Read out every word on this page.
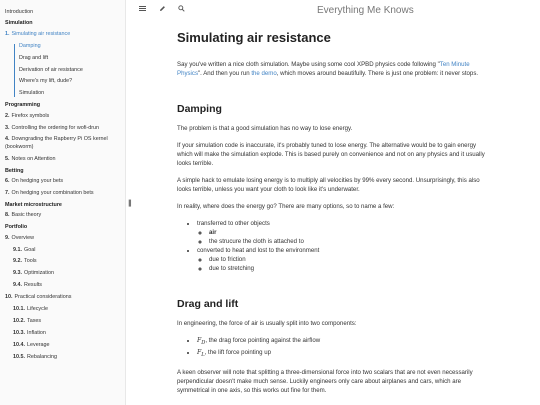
Introduction
Simulation
1. Simulating air resistance
Damping
Drag and lift
Derivation of air resistance
Where's my lift, dude?
Simulation
Programming
2. Firefox symbols
3. Controlling the ordering for wofi-drun
4. Downgrading the Rapberry Pi OS kernel
(bookworm)
5. Notes on Attention
Betting
6. On hedging your bets
7. On hedging your combination bets
Market microstructure
8. Basic theory
Portfolio
9. Overview
9.1. Goal
9.2. Tools
9.3. Optimization
9.4. Results
10. Practical considerations
10.1. Lifecycle
10.2. Taxes
10.3. Inflation
10.4. Leverage
10.5. Rebalancing
❚
Everything Me Knows
Simulating air resistance

Say you've written a nice cloth simulation. Maybe using some cool XPBD physics code following "Ten Minute Physics". And then you run the demo, which moves around beautifully. There is just one problem: it never stops.

Damping

The problem is that a good simulation has no way to lose energy.

If your simulation code is inaccurate, it's probably tuned to lose energy. The alternative would be to gain energy which will make the simulation explode. This is based purely on convenience and not on any physics and it usually looks terrible.

A simple hack to emulate losing energy is to multiply all velocities by 99% every second. Unsurprisingly, this also looks terrible, unless you want your cloth to look like it's underwater.

In reality, where does the energy go? There are many options, so to name a few:

• transferred to other objects
◦ air
◦ the strucure the cloth is attached to
• converted to heat and lost to the environment
◦ due to friction
◦ due to stretching
Drag and lift

In engineering, the force of air is usually split into two components:

• $F_D$, the drag force pointing against the airflow
• $F_L$, the lift force pointing up

A keen observer will note that splitting a three-dimensional force into two scalars that are not even necessarily perpendicular doesn't make much sense. Luckily engineers only care about airplanes and cars, which are symmetrical in one axis, so this works out fine for them.
